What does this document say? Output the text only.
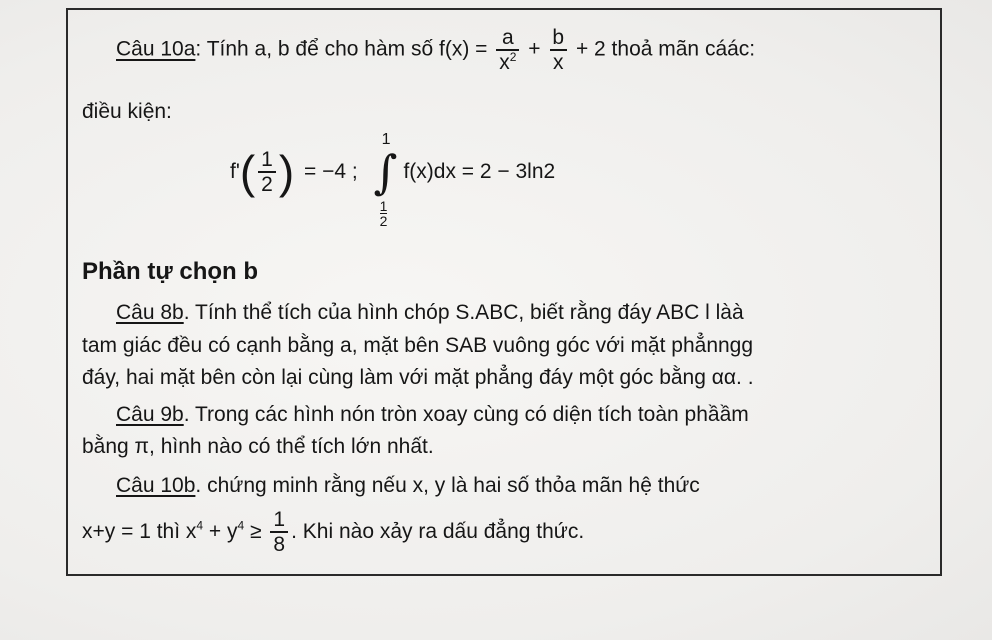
Câu 10a: Tính a, b để cho hàm số $f(x) = \frac{a}{x^2} + \frac{b}{x} + 2$ thoả mãn cáác:
điều kiện:
$f'( \frac{1}{2}$ ) = −4 ; ∫
1
$\frac{1}{2}$
f(x)dx = 2 − 3ln2
Phần tự chọn b
Câu 8b. Tính thể tích của hình chóp S.ABC, biết rằng đáy ABC l làà
tam giác đều có cạnh bằng a, mặt bên SAB vuông góc với mặt phẳnngg
đáy, hai mặt bên còn lại cùng làm với mặt phẳng đáy một góc bằng αα. .
Câu 9b. Trong các hình nón tròn xoay cùng có diện tích toàn phầầm
bằng π, hình nào có thể tích lớn nhất.
Câu 10b. chứng minh rằng nếu x, y là hai số thỏa mãn hệ thức
x+y = 1 thì $x^4 + y^4 \ge \frac{1}{8}$ . Khi nào xảy ra dấu đẳng thức.
